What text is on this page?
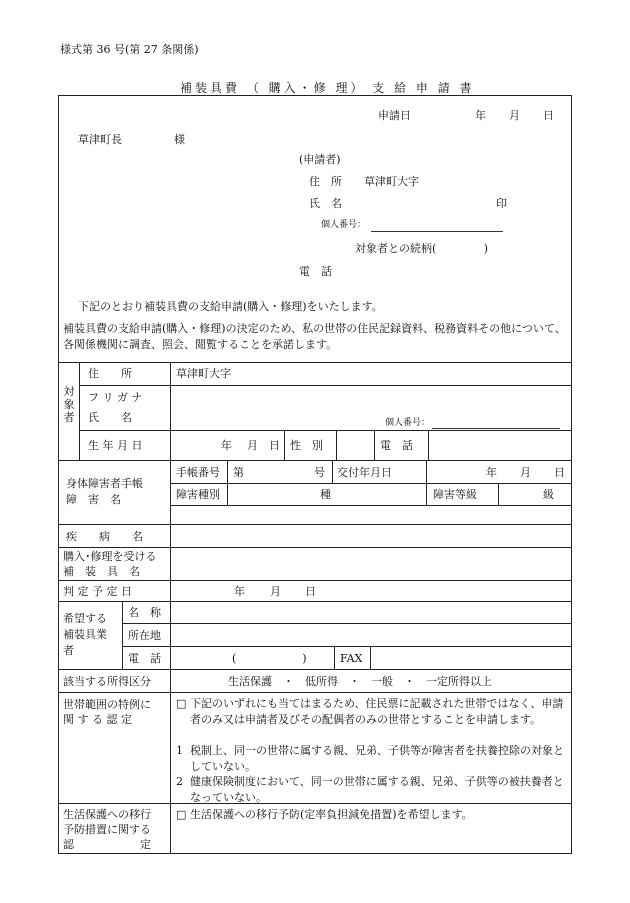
様式第 36 号(第 27 条関係)
補装具費 （ 購入・修 理） 支 給 申 請 書
申請日	年 月 日
草津町長	様
(申請者)
住　所 草津町大字
氏　名	印
個人番号：
対象者との続柄(　　　 　)
電　話
下記のとおり補装具費の支給申請(購入・修理)をいたします。
補装具費の支給申請(購入・修理)の決定のため、私の世帯の住民記録資料、税務資料その他について、各関係機関に調査、照会、閲覧することを承諾します。
対
象
者
住　　所	草津町大字
フ リ ガ ナ
氏　　名	個人番号：
生 年 月 日	年 月 日 性　別	電　話
身体障害者手帳
障　害　名
手帳番号 第	号 交付年月日	年 月 日
障害種別	種	障害等級	級
疾　　病　　名
購入･修理を受ける
補　装　具　名
判 定 予 定 日	年 月 日
希望する
補装具業
者
名　称
所在地
電　話	(　　　　　　)	FAX
該当する所得区分	生活保護　・　低所得　・　一般　・　一定所得以上
世帯範囲の特例に
関 す る 認 定
□ 下記のいずれにも当てはまるため、住民票に記載された世帯ではなく、申請者のみ又は申請者及びその配偶者のみの世帯とすることを申請します。
1 税制上、同一の世帯に属する親、兄弟、子供等が障害者を扶養控除の対象としていない。
2 健康保険制度において、同一の世帯に属する親、兄弟、子供等の被扶養者となっていない。
生活保護への移行
予防措置に関する
認　　　　　　定
□ 生活保護への移行予防(定率負担減免措置)を希望します。
